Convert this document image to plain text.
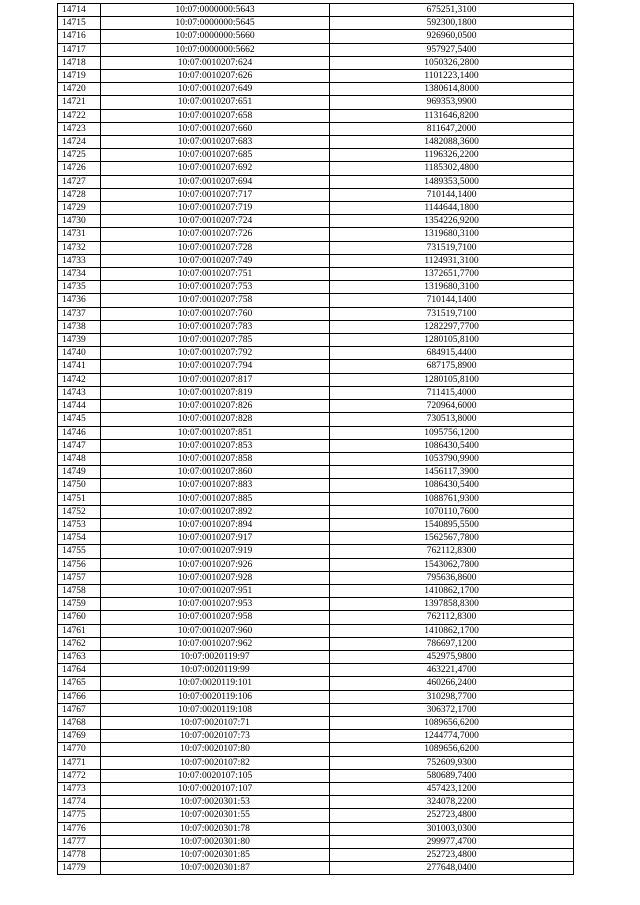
14714	10:07:0000000:5643	675251,3100
14715	10:07:0000000:5645	592300,1800
14716	10:07:0000000:5660	926960,0500
14717	10:07:0000000:5662	957927,5400
14718	10:07:0010207:624	1050326,2800
14719	10:07:0010207:626	1101223,1400
14720	10:07:0010207:649	1380614,8000
14721	10:07:0010207:651	969353,9900
14722	10:07:0010207:658	1131646,8200
14723	10:07:0010207:660	811647,2000
14724	10:07:0010207:683	1482088,3600
14725	10:07:0010207:685	1196326,2200
14726	10:07:0010207:692	1185302,4800
14727	10:07:0010207:694	1489353,5000
14728	10:07:0010207:717	710144,1400
14729	10:07:0010207:719	1144644,1800
14730	10:07:0010207:724	1354226,9200
14731	10:07:0010207:726	1319680,3100
14732	10:07:0010207:728	731519,7100
14733	10:07:0010207:749	1124931,3100
14734	10:07:0010207:751	1372651,7700
14735	10:07:0010207:753	1319680,3100
14736	10:07:0010207:758	710144,1400
14737	10:07:0010207:760	731519,7100
14738	10:07:0010207:783	1282297,7700
14739	10:07:0010207:785	1280105,8100
14740	10:07:0010207:792	684915,4400
14741	10:07:0010207:794	687175,8900
14742	10:07:0010207:817	1280105,8100
14743	10:07:0010207:819	711415,4000
14744	10:07:0010207:826	720964,6000
14745	10:07:0010207:828	730513,8000
14746	10:07:0010207:851	1095756,1200
14747	10:07:0010207:853	1086430,5400
14748	10:07:0010207:858	1053790,9900
14749	10:07:0010207:860	1456117,3900
14750	10:07:0010207:883	1086430,5400
14751	10:07:0010207:885	1088761,9300
14752	10:07:0010207:892	1070110,7600
14753	10:07:0010207:894	1540895,5500
14754	10:07:0010207:917	1562567,7800
14755	10:07:0010207:919	762112,8300
14756	10:07:0010207:926	1543062,7800
14757	10:07:0010207:928	795636,8600
14758	10:07:0010207:951	1410862,1700
14759	10:07:0010207:953	1397858,8300
14760	10:07:0010207:958	762112,8300
14761	10:07:0010207:960	1410862,1700
14762	10:07:0010207:962	786697,1200
14763	10:07:0020119:97	452975,9800
14764	10:07:0020119:99	463221,4700
14765	10:07:0020119:101	460266,2400
14766	10:07:0020119:106	310298,7700
14767	10:07:0020119:108	306372,1700
14768	10:07:0020107:71	1089656,6200
14769	10:07:0020107:73	1244774,7000
14770	10:07:0020107:80	1089656,6200
14771	10:07:0020107:82	752609,9300
14772	10:07:0020107:105	580689,7400
14773	10:07:0020107:107	457423,1200
14774	10:07:0020301:53	324078,2200
14775	10:07:0020301:55	252723,4800
14776	10:07:0020301:78	301003,0300
14777	10:07:0020301:80	299977,4700
14778	10:07:0020301:85	252723,4800
14779	10:07:0020301:87	277648,0400
